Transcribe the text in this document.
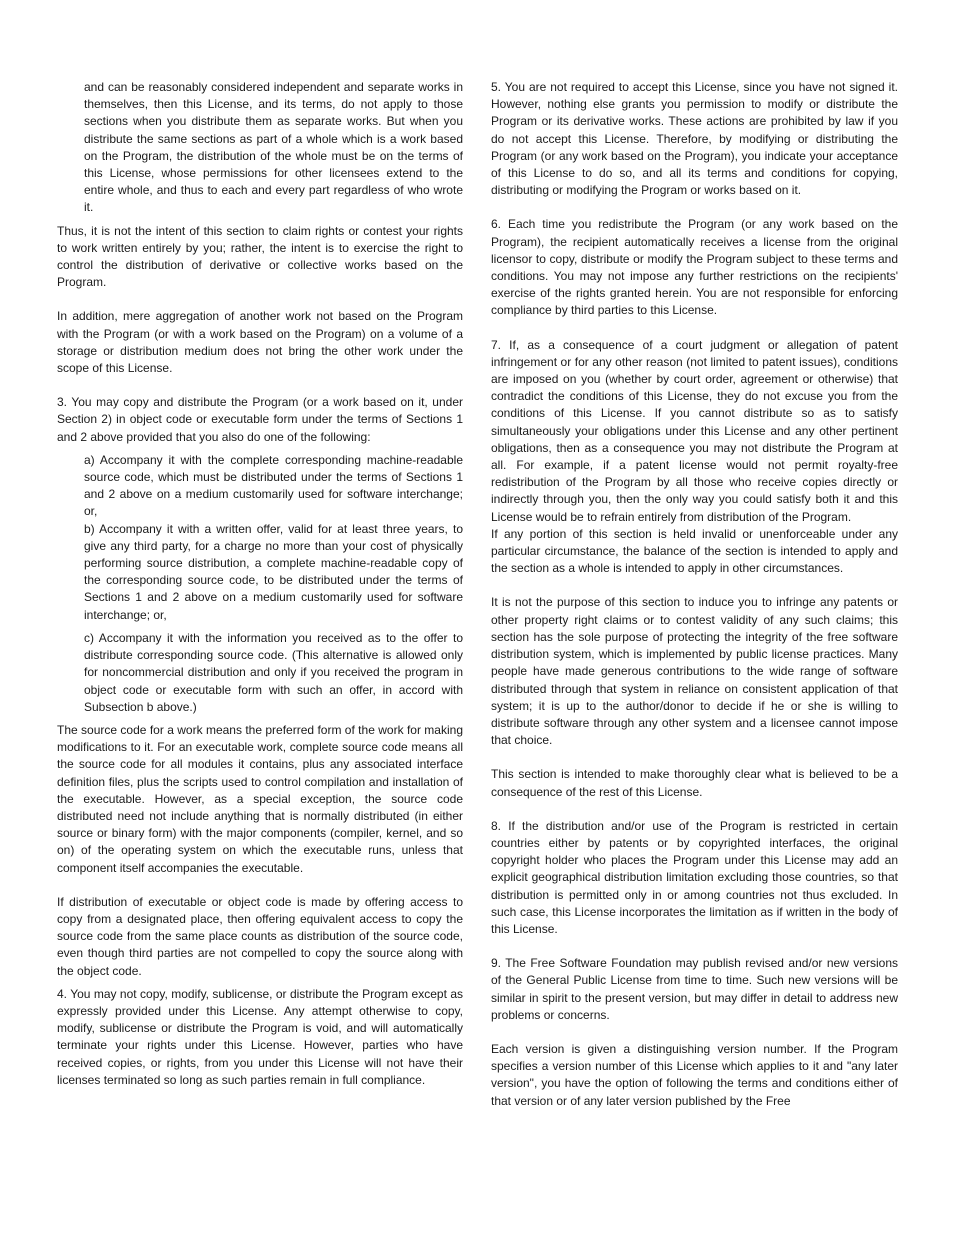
and can be reasonably considered independent and separate works in themselves, then this License, and its terms, do not apply to those sections when you distribute them as separate works. But when you distribute the same sections as part of a whole which is a work based on the Program, the distribution of the whole must be on the terms of this License, whose permissions for other licensees extend to the entire whole, and thus to each and every part regardless of who wrote it.

Thus, it is not the intent of this section to claim rights or contest your rights to work written entirely by you; rather, the intent is to exercise the right to control the distribution of derivative or collective works based on the Program.

In addition, mere aggregation of another work not based on the Program with the Program (or with a work based on the Program) on a volume of a storage or distribution medium does not bring the other work under the scope of this License.

3. You may copy and distribute the Program (or a work based on it, under Section 2) in object code or executable form under the terms of Sections 1 and 2 above provided that you also do one of the following:

a) Accompany it with the complete corresponding machine-readable source code, which must be distributed under the terms of Sections 1 and 2 above on a medium customarily used for software interchange; or,

b) Accompany it with a written offer, valid for at least three years, to give any third party, for a charge no more than your cost of physically performing source distribution, a complete machine-readable copy of the corresponding source code, to be distributed under the terms of Sections 1 and 2 above on a medium customarily used for software interchange; or,

c) Accompany it with the information you received as to the offer to distribute corresponding source code. (This alternative is allowed only for noncommercial distribution and only if you received the program in object code or executable form with such an offer, in accord with Subsection b above.)

The source code for a work means the preferred form of the work for making modifications to it. For an executable work, complete source code means all the source code for all modules it contains, plus any associated interface definition files, plus the scripts used to control compilation and installation of the executable. However, as a special exception, the source code distributed need not include anything that is normally distributed (in either source or binary form) with the major components (compiler, kernel, and so on) of the operating system on which the executable runs, unless that component itself accompanies the executable.

If distribution of executable or object code is made by offering access to copy from a designated place, then offering equivalent access to copy the source code from the same place counts as distribution of the source code, even though third parties are not compelled to copy the source along with the object code.

4. You may not copy, modify, sublicense, or distribute the Program except as expressly provided under this License. Any attempt otherwise to copy, modify, sublicense or distribute the Program is void, and will automatically terminate your rights under this License. However, parties who have received copies, or rights, from you under this License will not have their licenses terminated so long as such parties remain in full compliance.

5. You are not required to accept this License, since you have not signed it. However, nothing else grants you permission to modify or distribute the Program or its derivative works. These actions are prohibited by law if you do not accept this License. Therefore, by modifying or distributing the Program (or any work based on the Program), you indicate your acceptance of this License to do so, and all its terms and conditions for copying, distributing or modifying the Program or works based on it.

6. Each time you redistribute the Program (or any work based on the Program), the recipient automatically receives a license from the original licensor to copy, distribute or modify the Program subject to these terms and conditions. You may not impose any further restrictions on the recipients' exercise of the rights granted herein. You are not responsible for enforcing compliance by third parties to this License.

7. If, as a consequence of a court judgment or allegation of patent infringement or for any other reason (not limited to patent issues), conditions are imposed on you (whether by court order, agreement or otherwise) that contradict the conditions of this License, they do not excuse you from the conditions of this License. If you cannot distribute so as to satisfy simultaneously your obligations under this License and any other pertinent obligations, then as a consequence you may not distribute the Program at all. For example, if a patent license would not permit royalty-free redistribution of the Program by all those who receive copies directly or indirectly through you, then the only way you could satisfy both it and this License would be to refrain entirely from distribution of the Program.

If any portion of this section is held invalid or unenforceable under any particular circumstance, the balance of the section is intended to apply and the section as a whole is intended to apply in other circumstances.

It is not the purpose of this section to induce you to infringe any patents or other property right claims or to contest validity of any such claims; this section has the sole purpose of protecting the integrity of the free software distribution system, which is implemented by public license practices. Many people have made generous contributions to the wide range of software distributed through that system in reliance on consistent application of that system; it is up to the author/donor to decide if he or she is willing to distribute software through any other system and a licensee cannot impose that choice.

This section is intended to make thoroughly clear what is believed to be a consequence of the rest of this License.

8. If the distribution and/or use of the Program is restricted in certain countries either by patents or by copyrighted interfaces, the original copyright holder who places the Program under this License may add an explicit geographical distribution limitation excluding those countries, so that distribution is permitted only in or among countries not thus excluded. In such case, this License incorporates the limitation as if written in the body of this License.

9. The Free Software Foundation may publish revised and/or new versions of the General Public License from time to time. Such new versions will be similar in spirit to the present version, but may differ in detail to address new problems or concerns.

Each version is given a distinguishing version number. If the Program specifies a version number of this License which applies to it and "any later version", you have the option of following the terms and conditions either of that version or of any later version published by the Free
